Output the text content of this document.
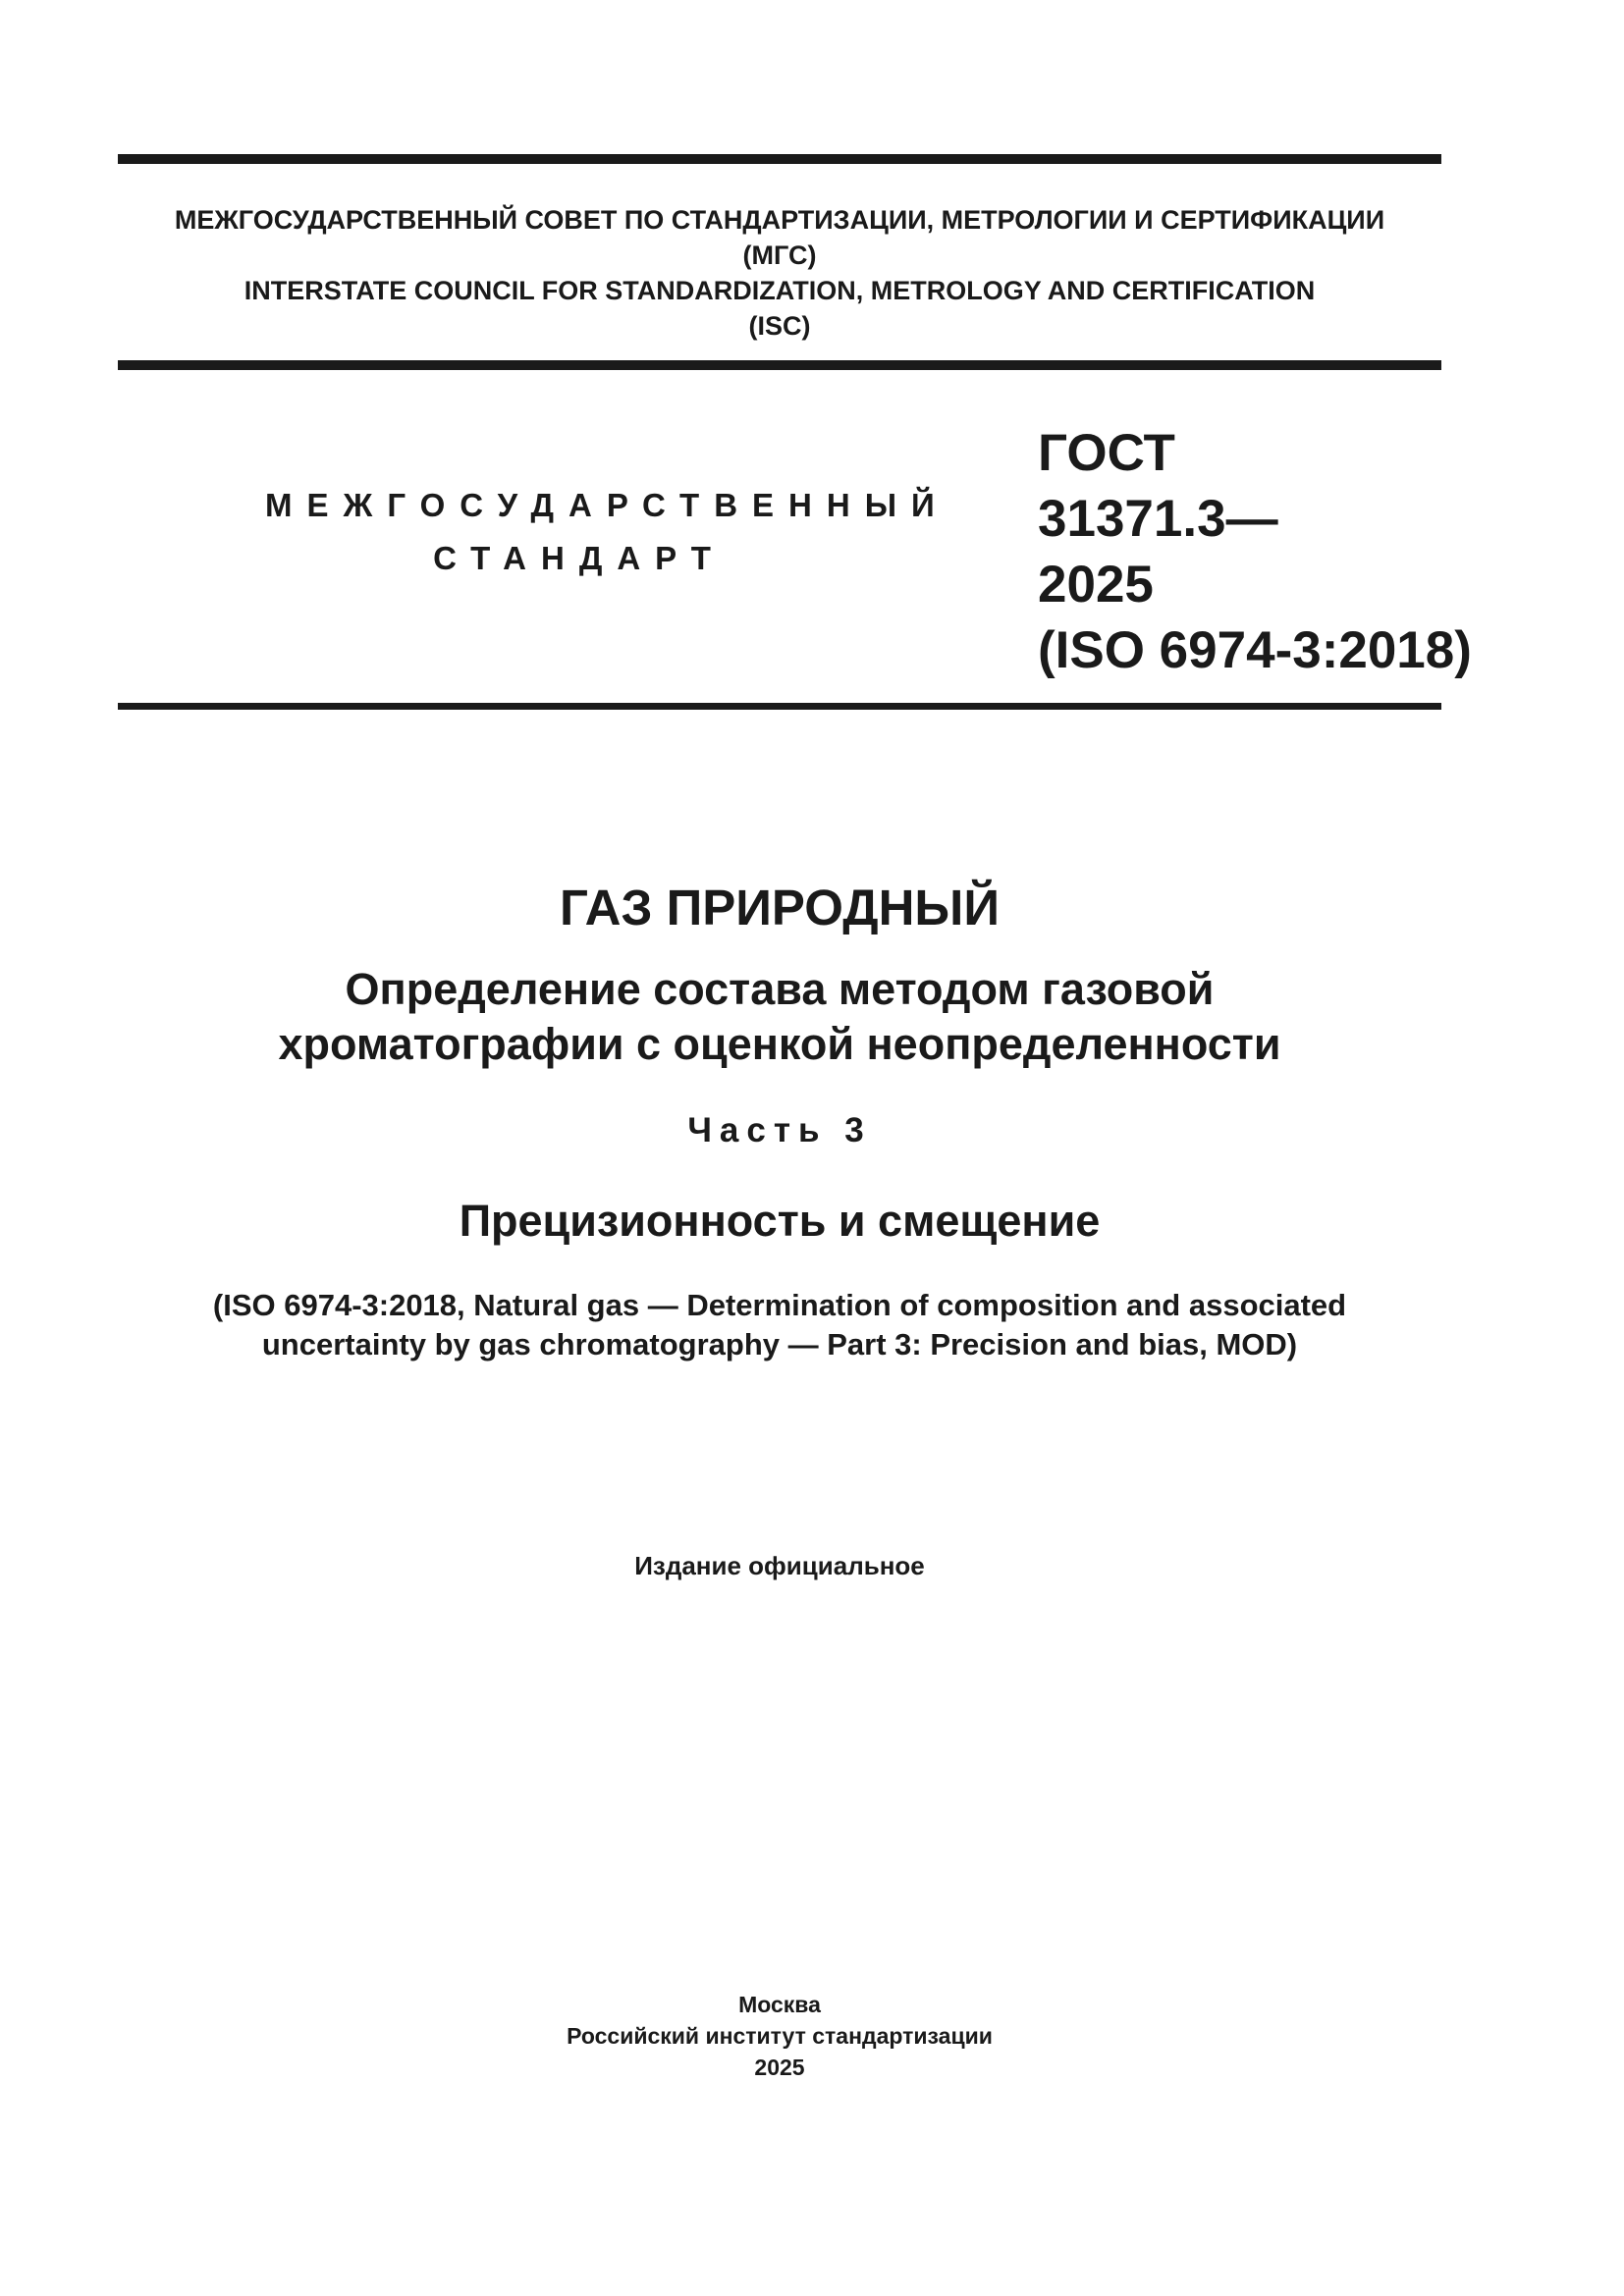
МЕЖГОСУДАРСТВЕННЫЙ СОВЕТ ПО СТАНДАРТИЗАЦИИ, МЕТРОЛОГИИ И СЕРТИФИКАЦИИ
(МГС)
INTERSTATE COUNCIL FOR STANDARDIZATION, METROLOGY AND CERTIFICATION
(ISC)
МЕЖГОСУДАРСТВЕННЫЙ
СТАНДАРТ
ГОСТ
31371.3—
2025
(ISO 6974-3:2018)
ГАЗ ПРИРОДНЫЙ
Определение состава методом газовой
хроматографии с оценкой неопределенности
Часть 3
Прецизионность и смещение
(ISO 6974-3:2018, Natural gas — Determination of composition and associated
uncertainty by gas chromatography — Part 3: Precision and bias, MOD)
Издание официальное
Москва
Российский институт стандартизации
2025
